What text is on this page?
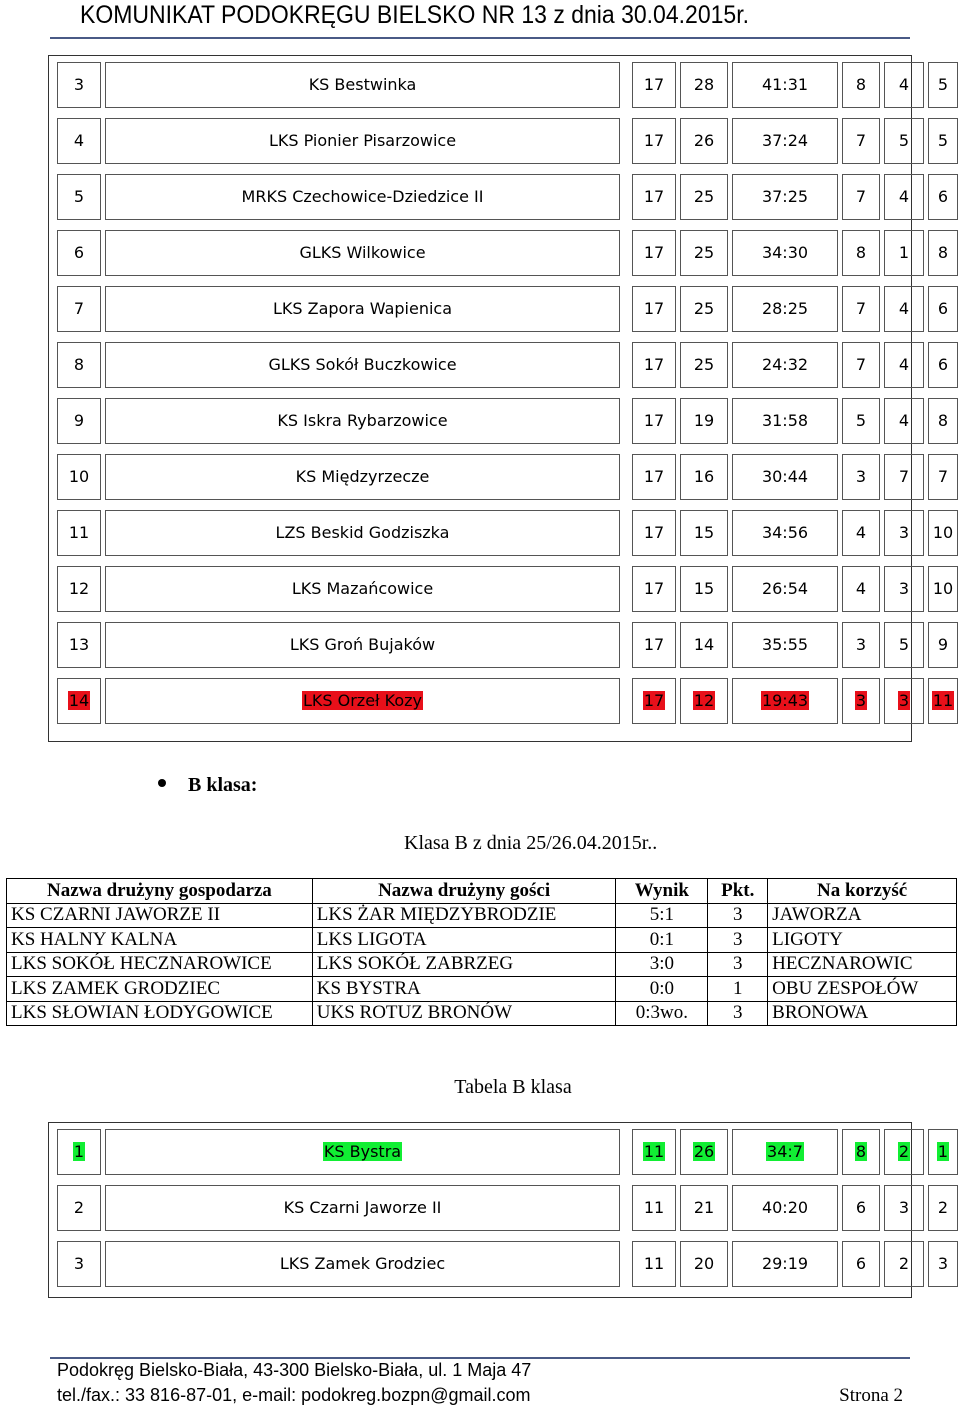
KOMUNIKAT PODOKRĘGU BIELSKO NR 13 z dnia 30.04.2015r.
3	KS Bestwinka	17	28	41:31	8	4	5
4	LKS Pionier Pisarzowice	17	26	37:24	7	5	5
5	MRKS Czechowice-Dziedzice II	17	25	37:25	7	4	6
6	GLKS Wilkowice	17	25	34:30	8	1	8
7	LKS Zapora Wapienica	17	25	28:25	7	4	6
8	GLKS Sokół Buczkowice	17	25	24:32	7	4	6
9	KS Iskra Rybarzowice	17	19	31:58	5	4	8
10	KS Międzyrzecze	17	16	30:44	3	7	7
11	LZS Beskid Godziszka	17	15	34:56	4	3	10
12	LKS Mazańcowice	17	15	26:54	4	3	10
13	LKS Groń Bujaków	17	14	35:55	3	5	9
14	LKS Orzeł Kozy	17	12	19:43	3	3	11
B klasa:
Klasa B z dnia 25/26.04.2015r..
Nazwa drużyny gospodarza	Nazwa drużyny gości	Wynik	Pkt.	Na korzyść
KS CZARNI JAWORZE II	LKS ŻAR MIĘDZYBRODZIE	5:1	3	JAWORZA
KS HALNY KALNA	LKS LIGOTA	0:1	3	LIGOTY
LKS SOKÓŁ HECZNAROWICE	LKS SOKÓŁ ZABRZEG	3:0	3	HECZNAROWIC
LKS ZAMEK GRODZIEC	KS BYSTRA	0:0	1	OBU ZESPOŁÓW
LKS SŁOWIAN ŁODYGOWICE	UKS ROTUZ BRONÓW	0:3wo.	3	BRONOWA
Tabela B klasa
1	KS Bystra	11	26	34:7	8	2	1
2	KS Czarni Jaworze II	11	21	40:20	6	3	2
3	LKS Zamek Grodziec	11	20	29:19	6	2	3
Podokręg Bielsko-Biała, 43-300 Bielsko-Biała, ul. 1 Maja 47
tel./fax.: 33 816-87-01, e-mail: podokreg.bozpn@gmail.com	Strona 2
